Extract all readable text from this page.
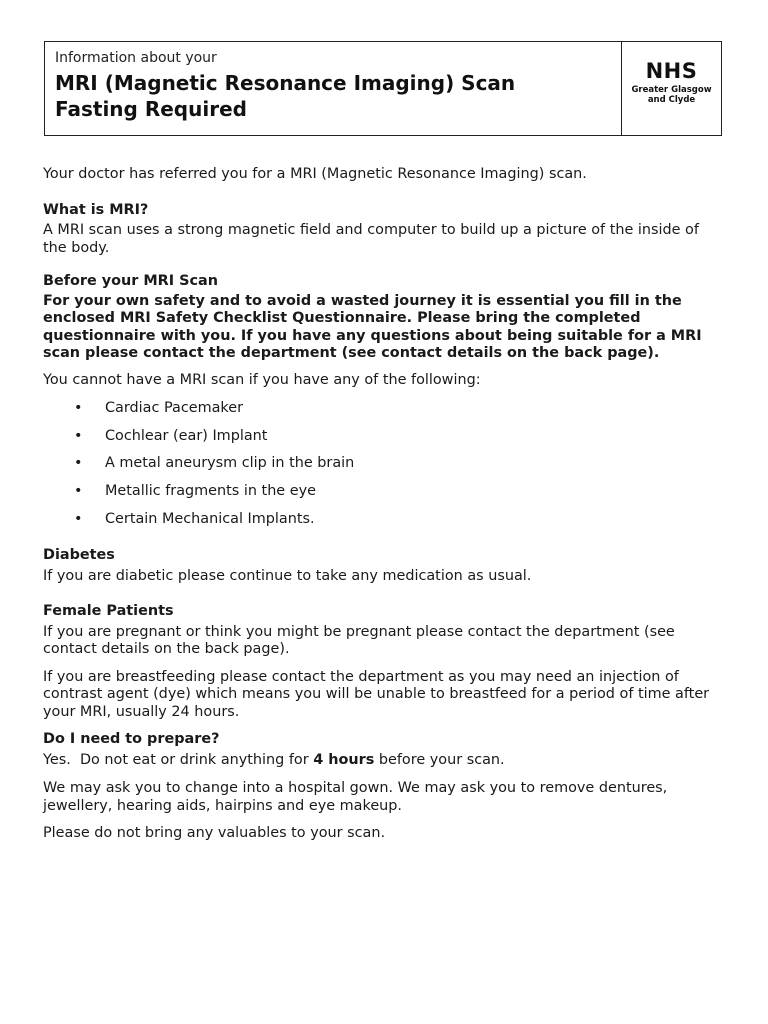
Information about your
MRI (Magnetic Resonance Imaging) Scan
Fasting Required
NHS
Greater Glasgow
and Clyde

Your doctor has referred you for a MRI (Magnetic Resonance Imaging) scan.

What is MRI?

A MRI scan uses a strong magnetic field and computer to build up a picture of the inside of the body.

Before your MRI Scan

For your own safety and to avoid a wasted journey it is essential you fill in the enclosed MRI Safety Checklist Questionnaire. Please bring the completed questionnaire with you. If you have any questions about being suitable for a MRI scan please contact the department (see contact details on the back page).

You cannot have a MRI scan if you have any of the following:

• Cardiac Pacemaker
• Cochlear (ear) Implant
• A metal aneurysm clip in the brain
• Metallic fragments in the eye
• Certain Mechanical Implants.

Diabetes

If you are diabetic please continue to take any medication as usual.

Female Patients

If you are pregnant or think you might be pregnant please contact the department (see contact details on the back page).

If you are breastfeeding please contact the department as you may need an injection of contrast agent (dye) which means you will be unable to breastfeed for a period of time after your MRI, usually 24 hours.

Do I need to prepare?

Yes.  Do not eat or drink anything for 4 hours before your scan.

We may ask you to change into a hospital gown. We may ask you to remove dentures, jewellery, hearing aids, hairpins and eye makeup.

Please do not bring any valuables to your scan.
